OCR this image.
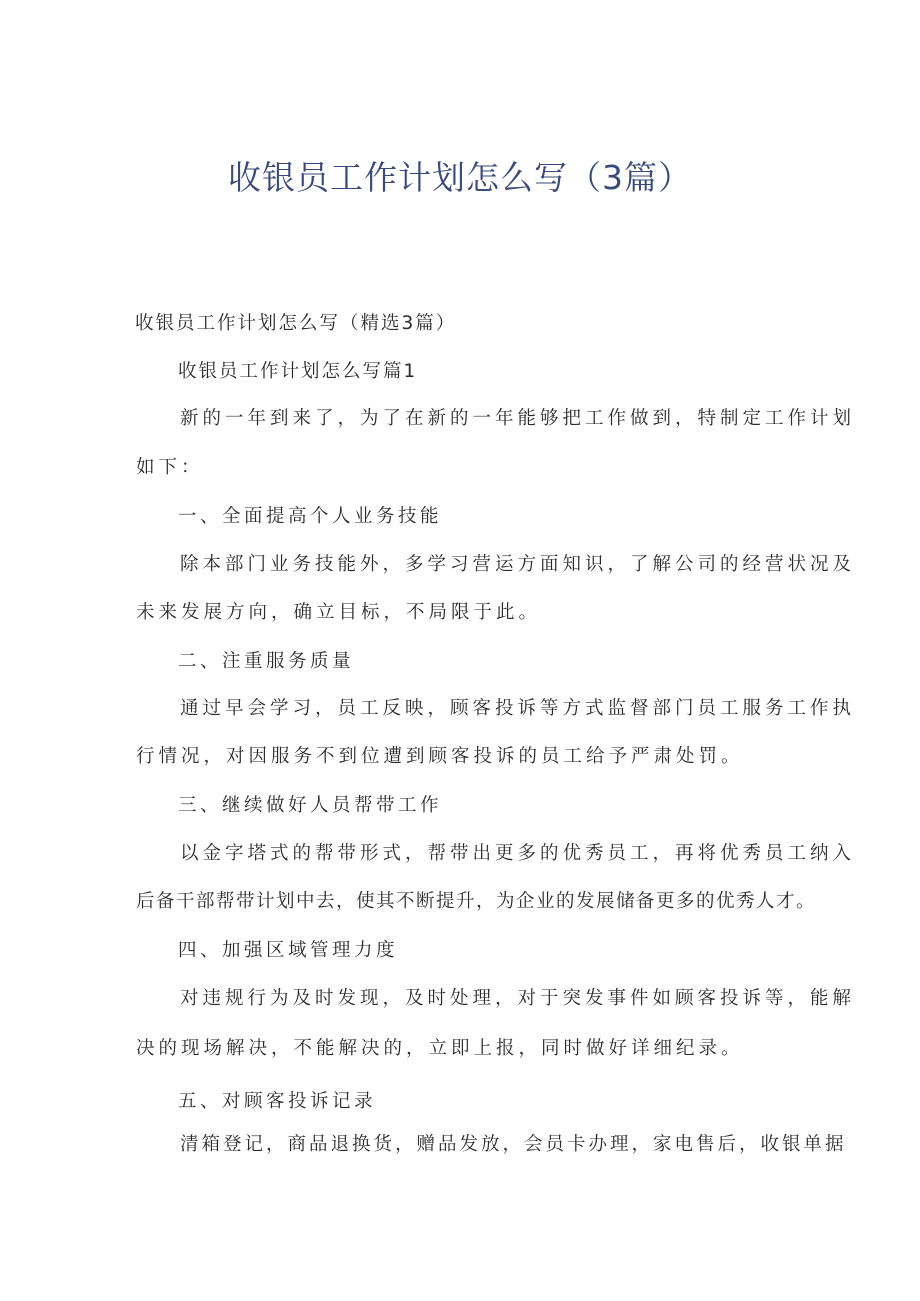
收银员工作计划怎么写（3篇）
收银员工作计划怎么写（精选3篇）
收银员工作计划怎么写篇1
新的一年到来了，为了在新的一年能够把工作做到，特制定工作计划
如下：
一、全面提高个人业务技能
除本部门业务技能外，多学习营运方面知识，了解公司的经营状况及
未来发展方向，确立目标，不局限于此。
二、注重服务质量
通过早会学习，员工反映，顾客投诉等方式监督部门员工服务工作执
行情况，对因服务不到位遭到顾客投诉的员工给予严肃处罚。
三、继续做好人员帮带工作
以金字塔式的帮带形式，帮带出更多的优秀员工，再将优秀员工纳入
后备干部帮带计划中去，使其不断提升，为企业的发展储备更多的优秀人才。
四、加强区域管理力度
对违规行为及时发现，及时处理，对于突发事件如顾客投诉等，能解
决的现场解决，不能解决的，立即上报，同时做好详细纪录。
五、对顾客投诉记录
清箱登记，商品退换货，赠品发放，会员卡办理，家电售后，收银单据
